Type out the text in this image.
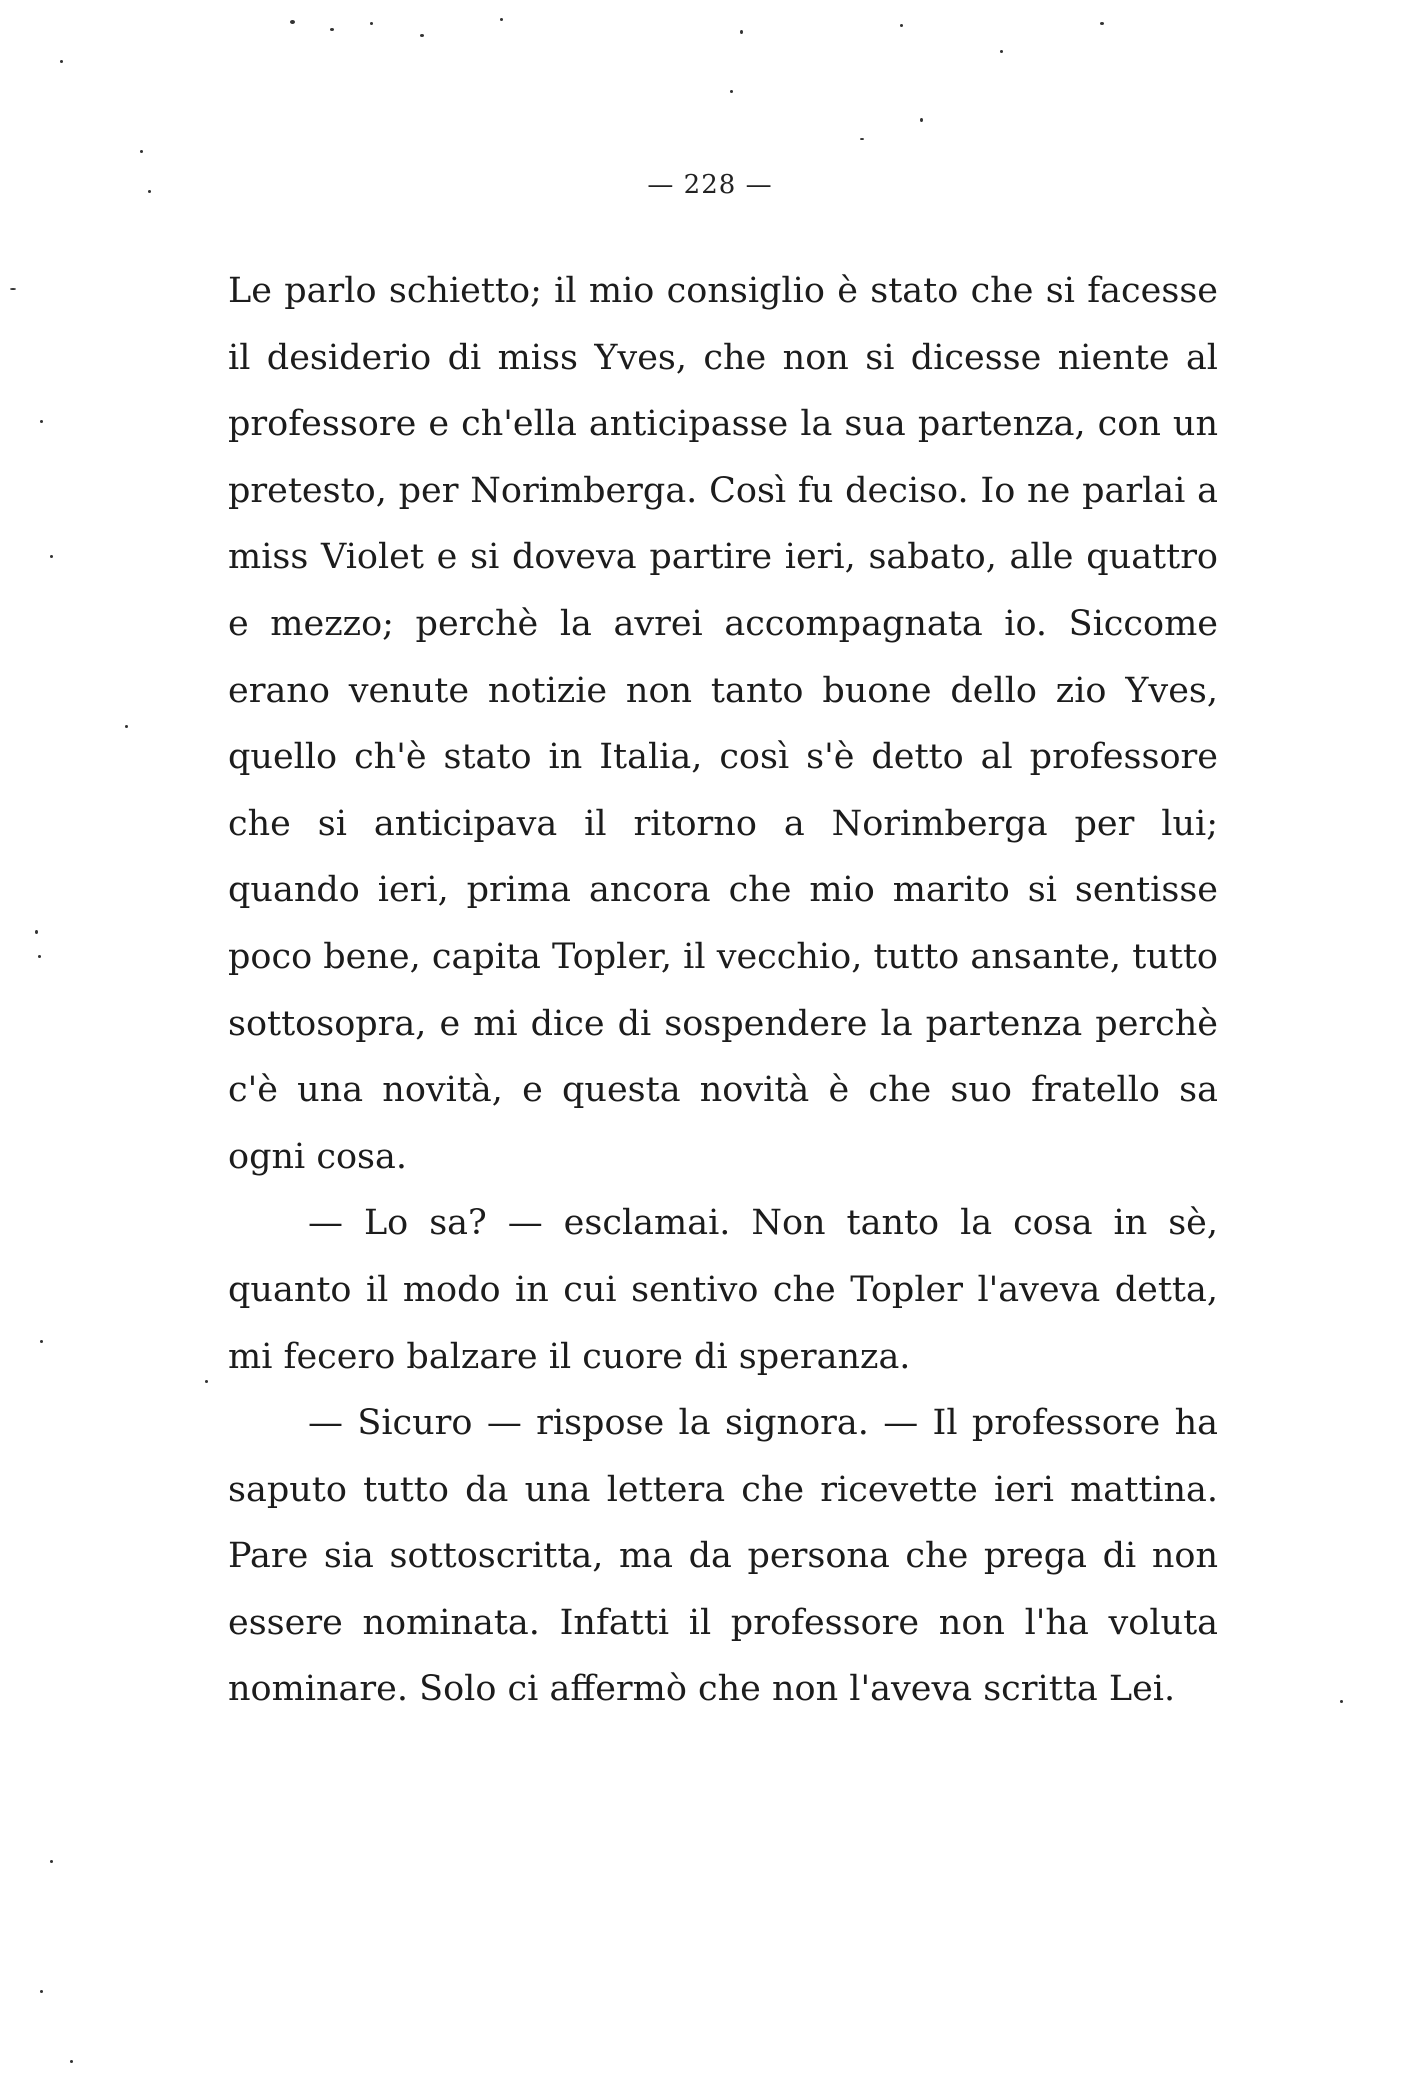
— 228 —

Le parlo schietto; il mio consiglio è stato che si facesse il desiderio di miss Yves, che non si dicesse niente al professore e ch'ella anticipasse la sua partenza, con un pretesto, per Norimberga. Così fu deciso. Io ne parlai a miss Violet e si doveva partire ieri, sabato, alle quattro e mezzo; perchè la avrei accompagnata io. Siccome erano venute notizie non tanto buone dello zio Yves, quello ch'è stato in Italia, così s'è detto al professore che si anticipava il ritorno a Norimberga per lui; quando ieri, prima ancora che mio marito si sentisse poco bene, capita Topler, il vecchio, tutto ansante, tutto sottosopra, e mi dice di sospendere la partenza perchè c'è una novità, e questa novità è che suo fratello sa ogni cosa.

— Lo sa? — esclamai. Non tanto la cosa in sè, quanto il modo in cui sentivo che Topler l'aveva detta, mi fecero balzare il cuore di speranza.

— Sicuro — rispose la signora. — Il professore ha saputo tutto da una lettera che ricevette ieri mattina. Pare sia sottoscritta, ma da persona che prega di non essere nominata. Infatti il professore non l'ha voluta nominare. Solo ci affermò che non l'aveva scritta Lei.
